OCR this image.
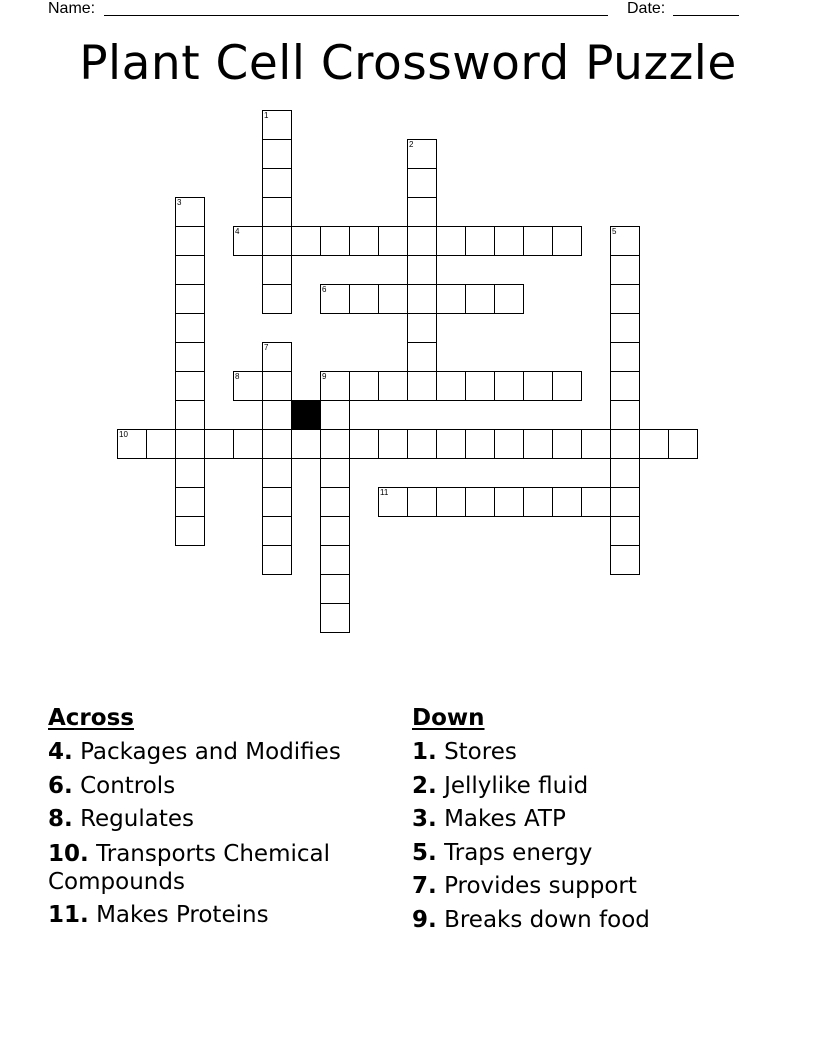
Name:	Date:
Plant Cell Crossword Puzzle
1
2
3
4	5
6
7
8	9
10
11
Across
4. Packages and Modifies
6. Controls
8. Regulates
10. Transports Chemical Compounds
11. Makes Proteins
Down
1. Stores
2. Jellylike fluid
3. Makes ATP
5. Traps energy
7. Provides support
9. Breaks down food
